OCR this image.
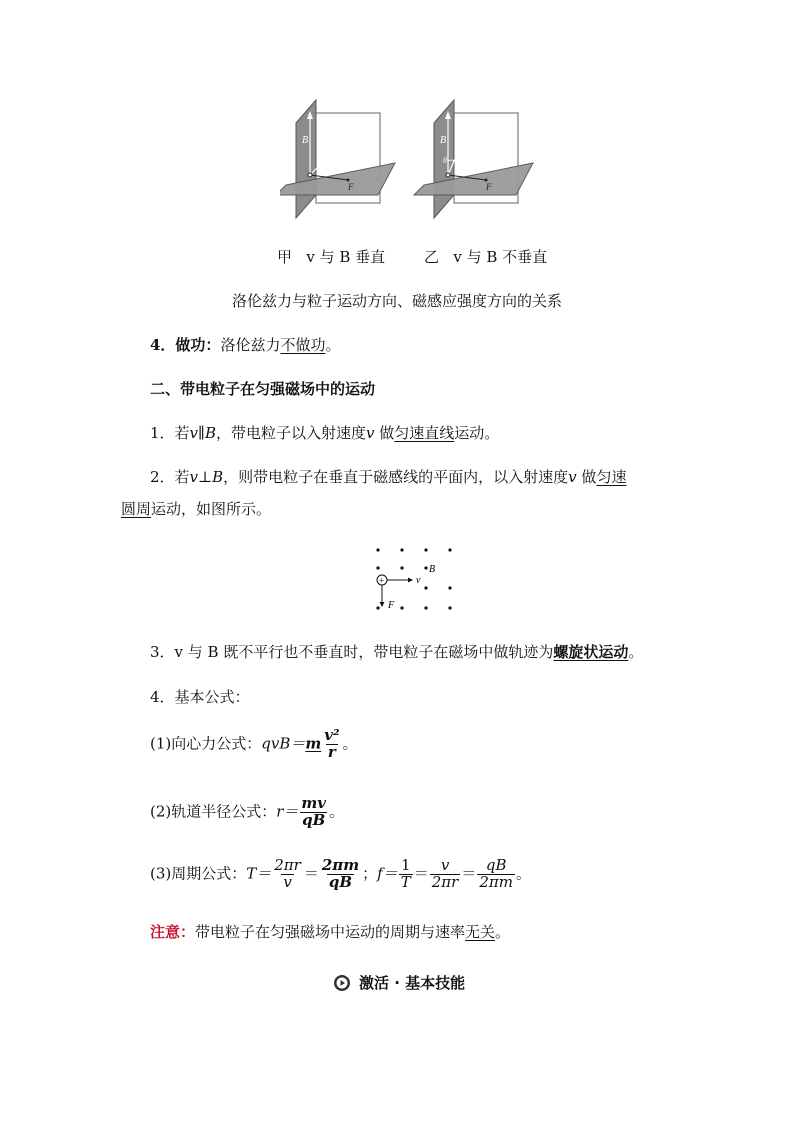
B
v
F
B
θ
v
F
甲 v 与 B 垂直	乙 v 与 B 不垂直
洛伦兹力与粒子运动方向、磁感应强度方向的关系
4．做功：洛伦兹力不做功。
二、带电粒子在匀强磁场中的运动
1．若v∥B，带电粒子以入射速度v 做匀速直线运动。
2．若v⊥B，则带电粒子在垂直于磁感线的平面内，以入射速度v 做匀速
圆周运动，如图所示。
B
+	v
F
3．v 与 B 既不平行也不垂直时，带电粒子在磁场中做轨迹为螺旋状运动。
4．基本公式：
(1)向心力公式：$qvB=m \frac{\text{v²}}{r}$ 。
(2)轨道半径公式：$r= \frac{mv}{qB}$ 。
(3)周期公式：$T= \frac{2\pi r}{v} = \frac{2\pi m}{qB}$ ；$f= \frac{1}{T} = \frac{v}{2\pi r} = \frac{qB}{2\pi m}$ 。
注意：带电粒子在匀强磁场中运动的周期与速率无关。
激活 · 基本技能
